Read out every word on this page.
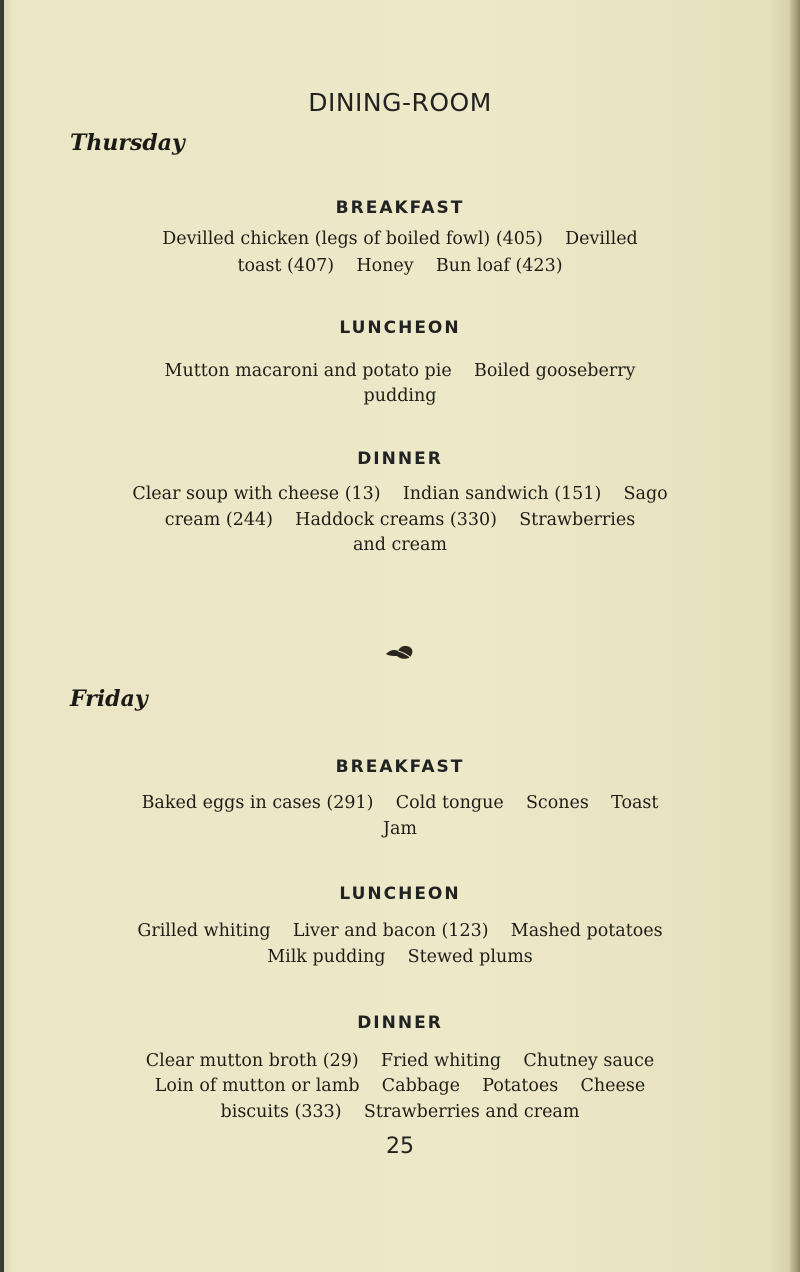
DINING-ROOM
Thursday
BREAKFAST
Devilled chicken (legs of boiled fowl) (405)    Devilled
toast (407)    Honey    Bun loaf (423)
LUNCHEON
Mutton macaroni and potato pie    Boiled gooseberry
pudding
DINNER
Clear soup with cheese (13)    Indian sandwich (151)    Sago
cream (244)    Haddock creams (330)    Strawberries
and cream
Friday
BREAKFAST
Baked eggs in cases (291)    Cold tongue    Scones    Toast
Jam
LUNCHEON
Grilled whiting    Liver and bacon (123)    Mashed potatoes
Milk pudding    Stewed plums
DINNER
Clear mutton broth (29)    Fried whiting    Chutney sauce
Loin of mutton or lamb    Cabbage    Potatoes    Cheese
biscuits (333)    Strawberries and cream
25
